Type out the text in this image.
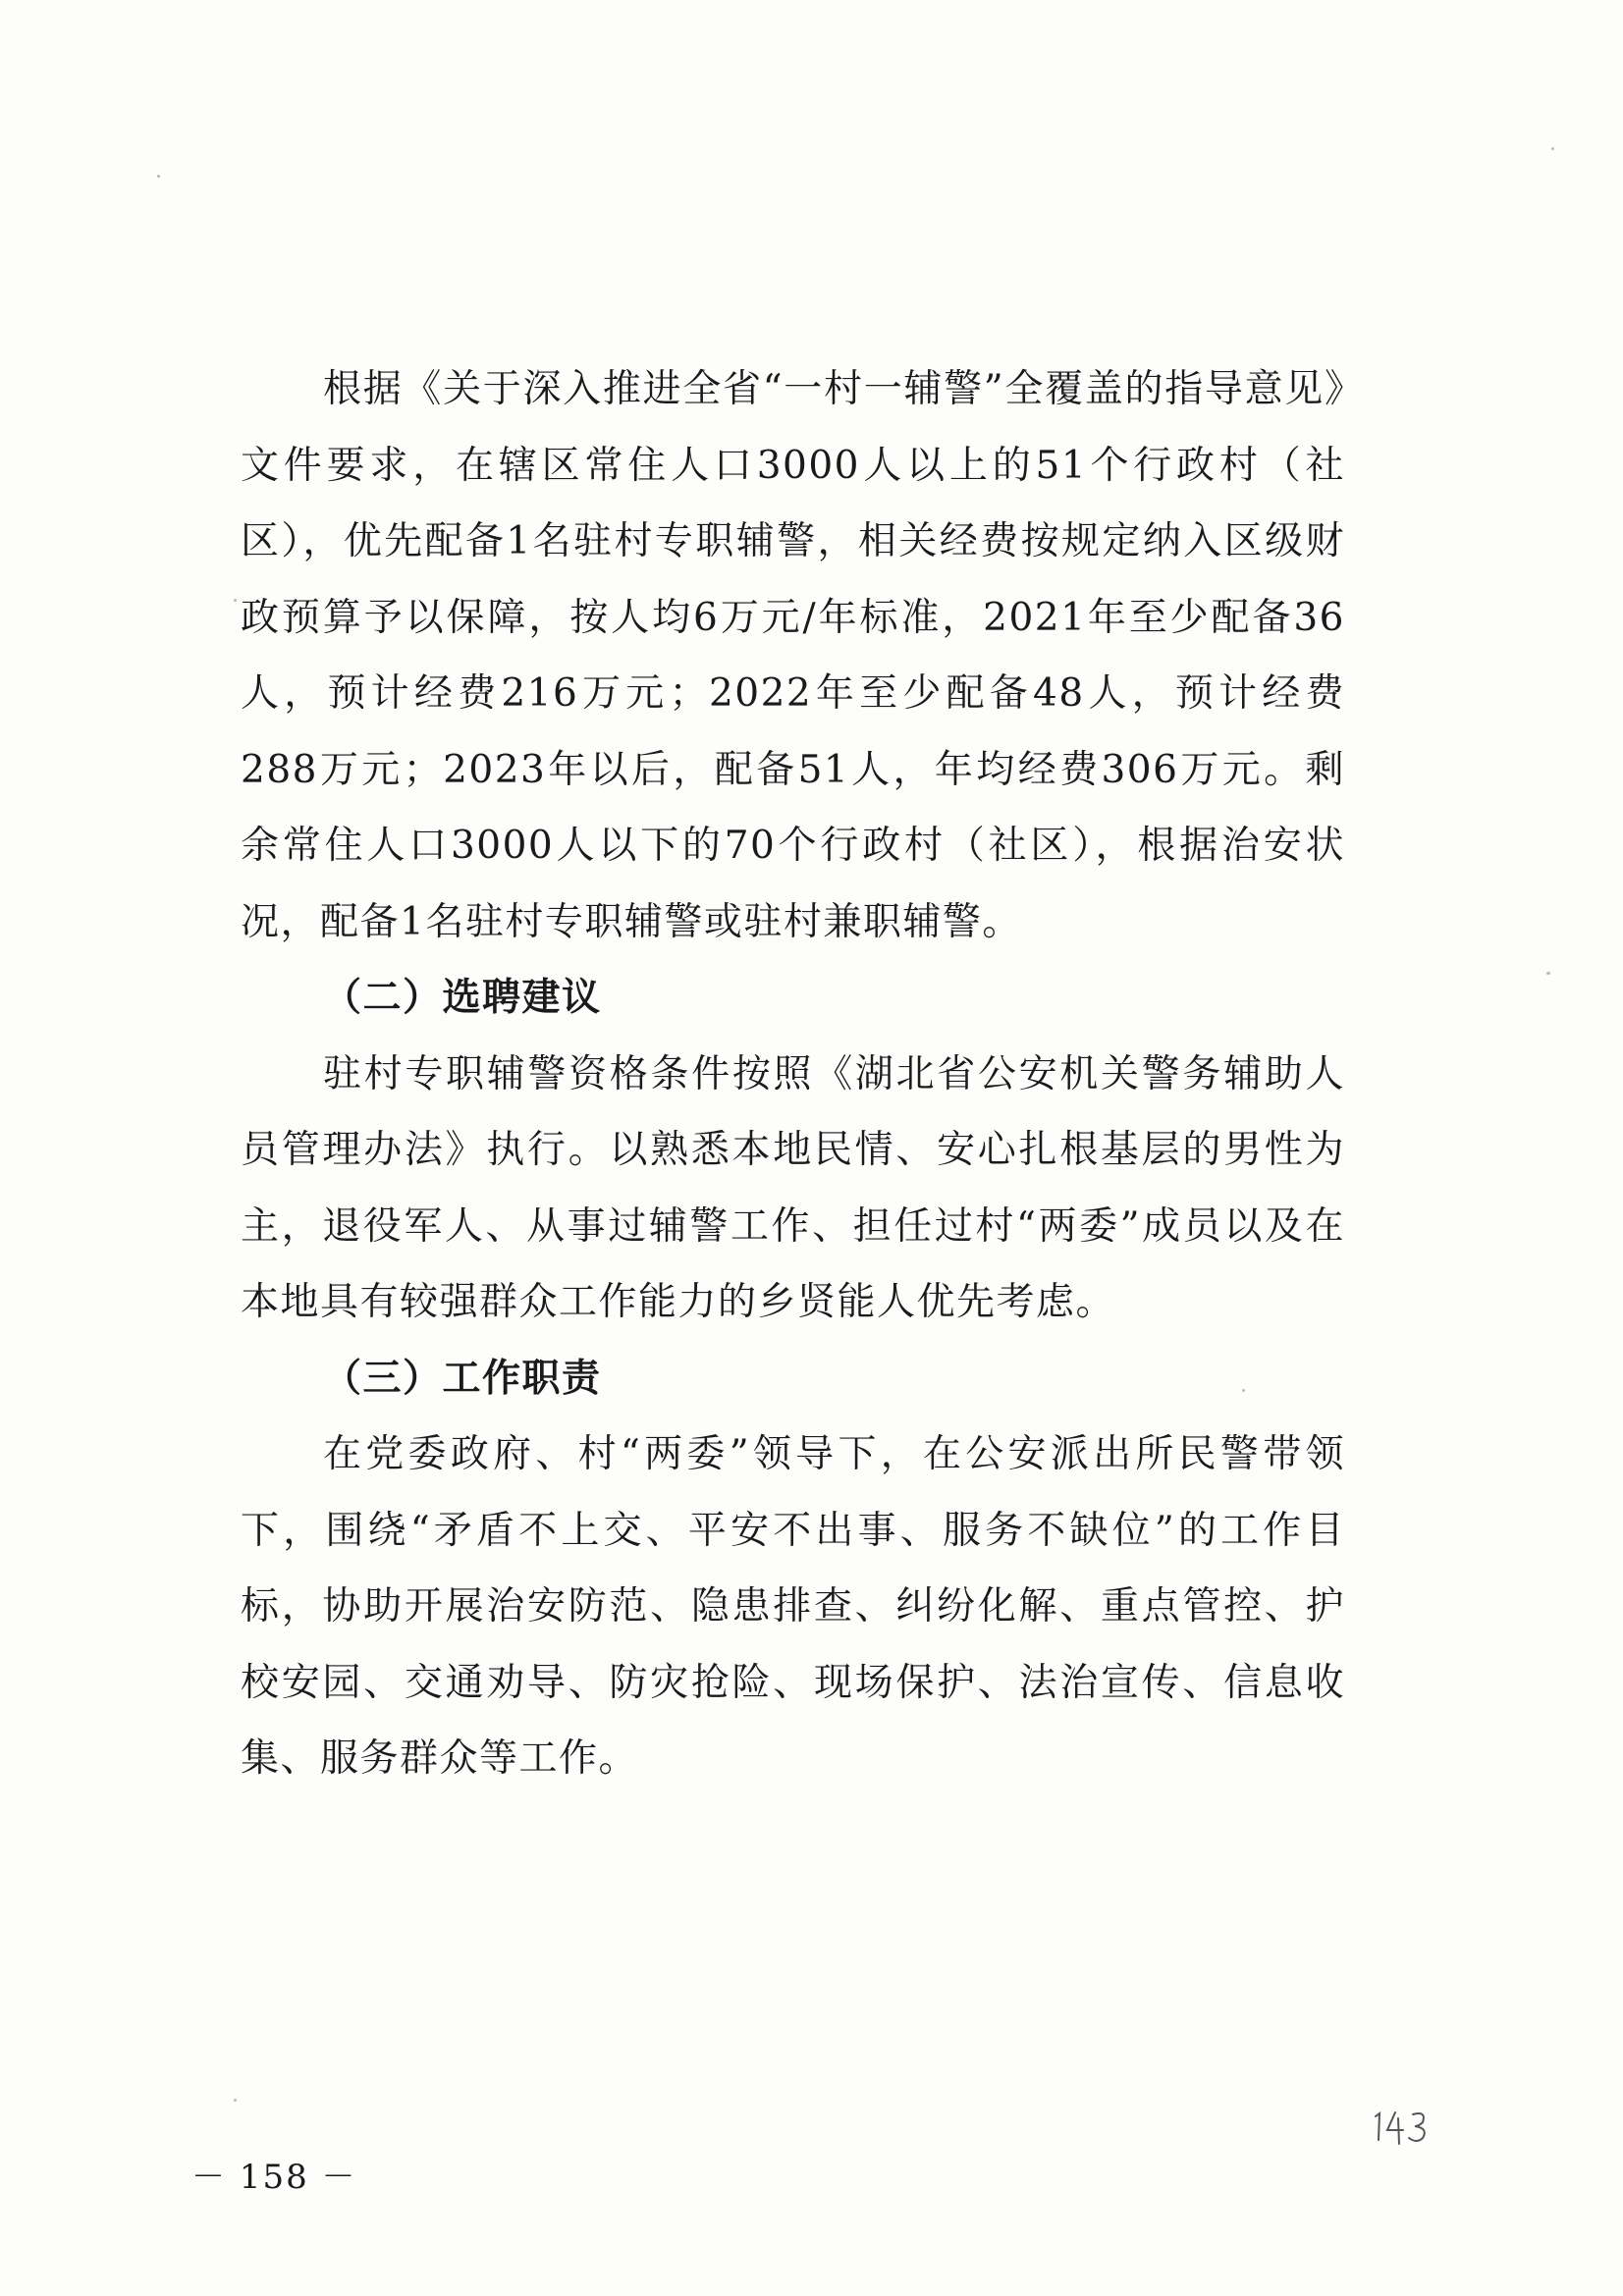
根据《关于深入推进全省“一村一辅警”全覆盖的指导意见》文件要求，在辖区常住人口3000人以上的51个行政村（社区），优先配备1名驻村专职辅警，相关经费按规定纳入区级财政预算予以保障，按人均6万元/年标准，2021年至少配备36人，预计经费216万元；2022年至少配备48人，预计经费288万元；2023年以后，配备51人，年均经费306万元。剩余常住人口3000人以下的70个行政村（社区），根据治安状况，配备1名驻村专职辅警或驻村兼职辅警。

（二）选聘建议

驻村专职辅警资格条件按照《湖北省公安机关警务辅助人员管理办法》执行。以熟悉本地民情、安心扎根基层的男性为主，退役军人、从事过辅警工作、担任过村“两委”成员以及在本地具有较强群众工作能力的乡贤能人优先考虑。

（三）工作职责

在党委政府、村“两委”领导下，在公安派出所民警带领下，围绕“矛盾不上交、平安不出事、服务不缺位”的工作目标，协助开展治安防范、隐患排查、纠纷化解、重点管控、护校安园、交通劝导、防灾抢险、现场保护、法治宣传、信息收集、服务群众等工作。

－ 158 －
